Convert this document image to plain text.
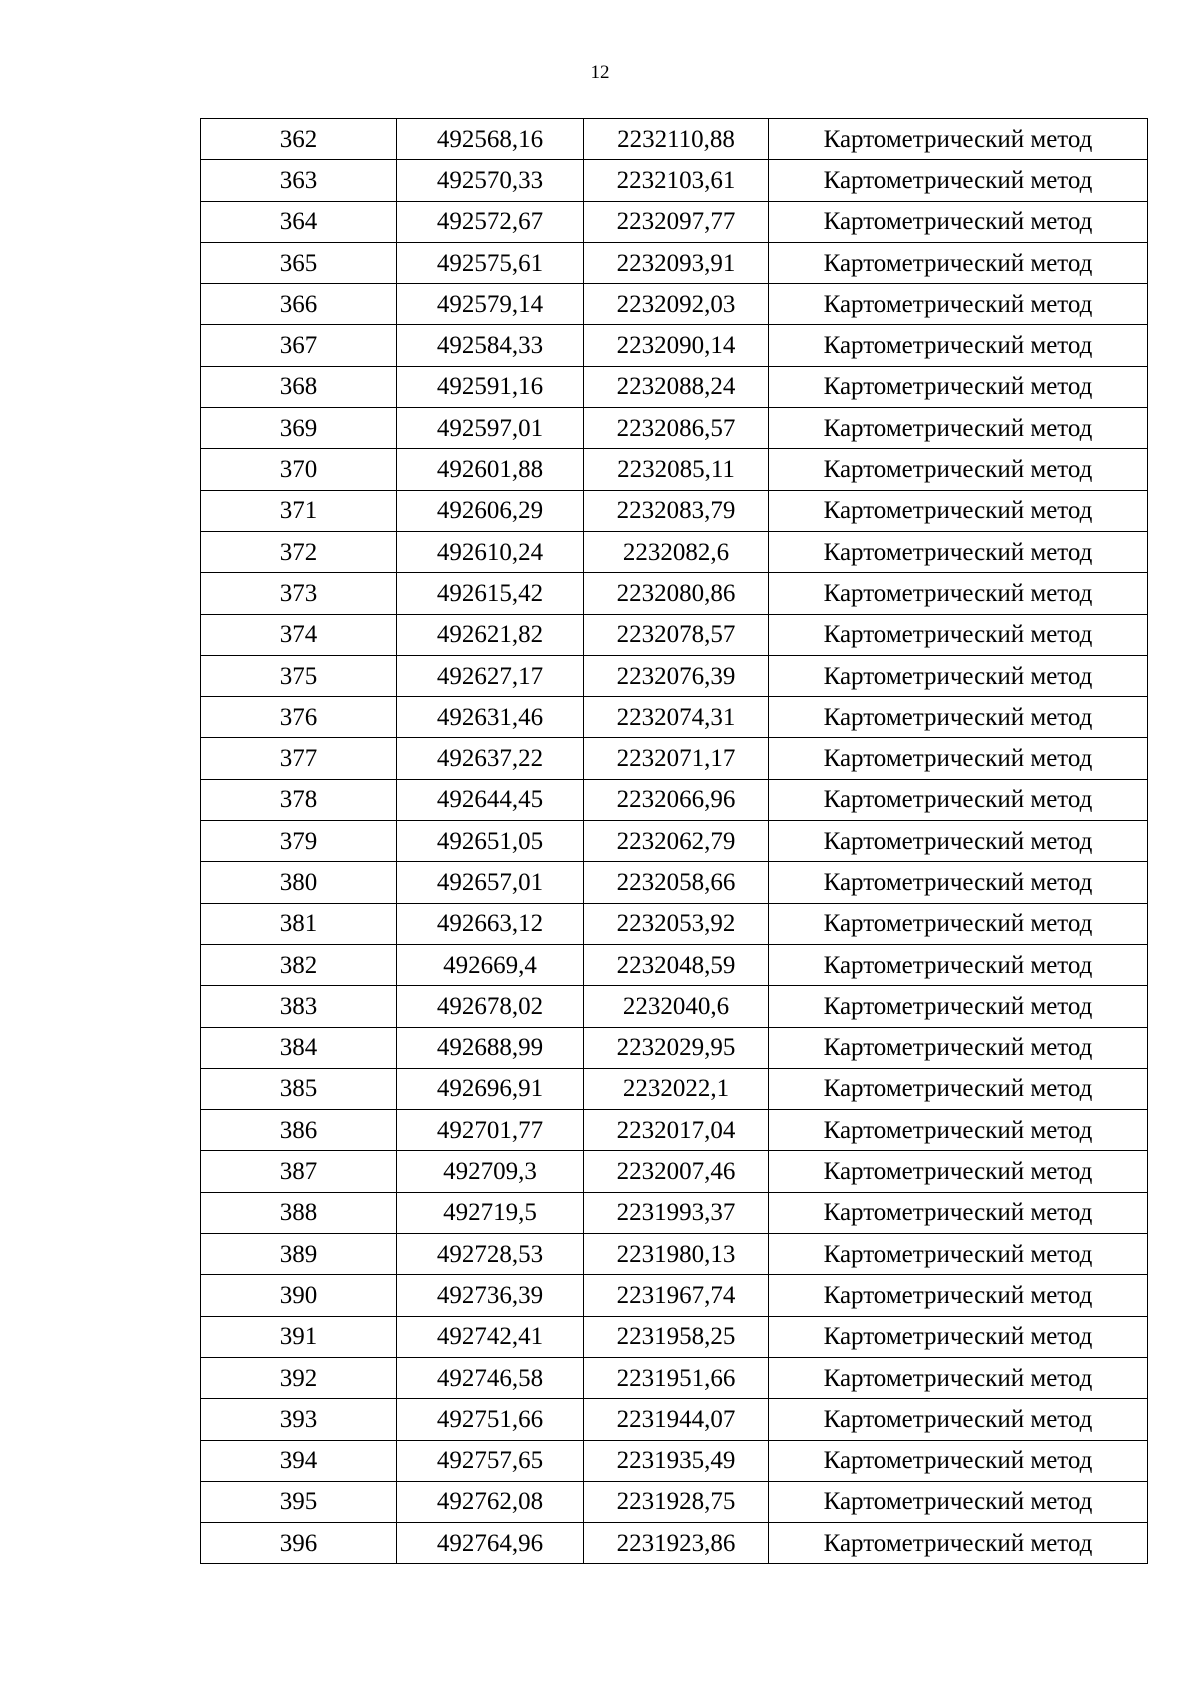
12
362	492568,16	2232110,88	Картометрический метод
363	492570,33	2232103,61	Картометрический метод
364	492572,67	2232097,77	Картометрический метод
365	492575,61	2232093,91	Картометрический метод
366	492579,14	2232092,03	Картометрический метод
367	492584,33	2232090,14	Картометрический метод
368	492591,16	2232088,24	Картометрический метод
369	492597,01	2232086,57	Картометрический метод
370	492601,88	2232085,11	Картометрический метод
371	492606,29	2232083,79	Картометрический метод
372	492610,24	2232082,6	Картометрический метод
373	492615,42	2232080,86	Картометрический метод
374	492621,82	2232078,57	Картометрический метод
375	492627,17	2232076,39	Картометрический метод
376	492631,46	2232074,31	Картометрический метод
377	492637,22	2232071,17	Картометрический метод
378	492644,45	2232066,96	Картометрический метод
379	492651,05	2232062,79	Картометрический метод
380	492657,01	2232058,66	Картометрический метод
381	492663,12	2232053,92	Картометрический метод
382	492669,4	2232048,59	Картометрический метод
383	492678,02	2232040,6	Картометрический метод
384	492688,99	2232029,95	Картометрический метод
385	492696,91	2232022,1	Картометрический метод
386	492701,77	2232017,04	Картометрический метод
387	492709,3	2232007,46	Картометрический метод
388	492719,5	2231993,37	Картометрический метод
389	492728,53	2231980,13	Картометрический метод
390	492736,39	2231967,74	Картометрический метод
391	492742,41	2231958,25	Картометрический метод
392	492746,58	2231951,66	Картометрический метод
393	492751,66	2231944,07	Картометрический метод
394	492757,65	2231935,49	Картометрический метод
395	492762,08	2231928,75	Картометрический метод
396	492764,96	2231923,86	Картометрический метод
